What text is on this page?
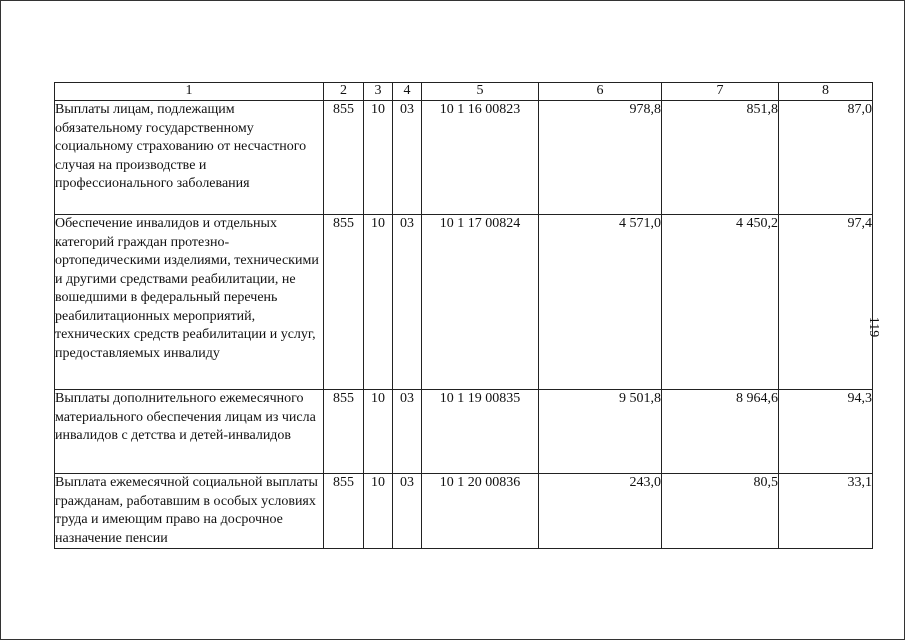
1	2	3	4	5	6	7	8
Выплаты лицам, подлежащим обязательному государственному социальному страхованию от несчастного случая на производстве и профессионального заболевания	855	10	03	10 1 16 00823	978,8	851,8	87,0
Обеспечение инвалидов и отдельных категорий граждан протезно-ортопедическими изделиями, техническими и другими средствами реабилитации, не вошедшими в федеральный перечень реабилитационных мероприятий, технических средств реабилитации и услуг, предоставляемых инвалиду	855	10	03	10 1 17 00824	4 571,0	4 450,2	97,4
Выплаты дополнительного ежемесячного материального обеспечения лицам из числа инвалидов с детства и детей-инвалидов	855	10	03	10 1 19 00835	9 501,8	8 964,6	94,3
Выплата ежемесячной социальной выплаты гражданам, работавшим в особых условиях труда и имеющим право на досрочное назначение пенсии	855	10	03	10 1 20 00836	243,0	80,5	33,1
119
